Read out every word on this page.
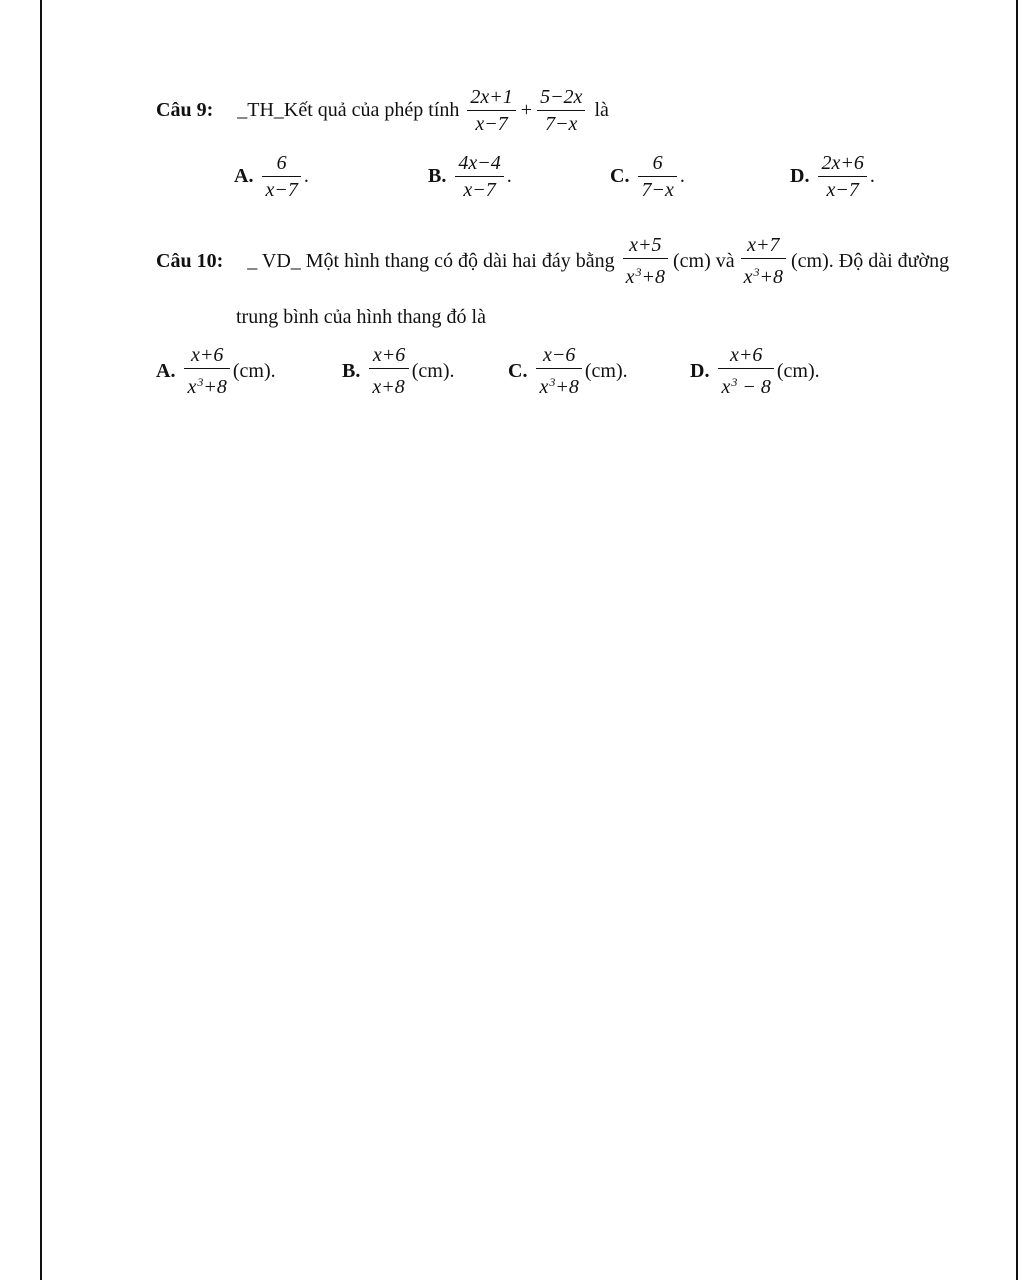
Câu 9: _TH_Kết quả của phép tính $\frac{2x+1}{x-7} + \frac{5-2x}{7-x}$ là
A. $\frac{6}{x-7}$ .	B. $\frac{4x-4}{x-7}$ .	C. $\frac{6}{7-x}$ .	D. $\frac{2x+6}{x-7}$ .
Câu 10: _ VD_ Một hình thang có độ dài hai đáy bằng $\frac{x+5}{x^3+8} (cm)$ và $\frac{x+7}{x^3+8} (cm)$. Độ dài đường
trung bình của hình thang đó là
A. $\frac{x+6}{x^3+8} (cm)$.	B. $\frac{x+6}{x+8} (cm)$.	C. $\frac{x-6}{x^3+8} (cm)$.	D. $\frac{x+6}{x^3 - 8} (cm)$.
